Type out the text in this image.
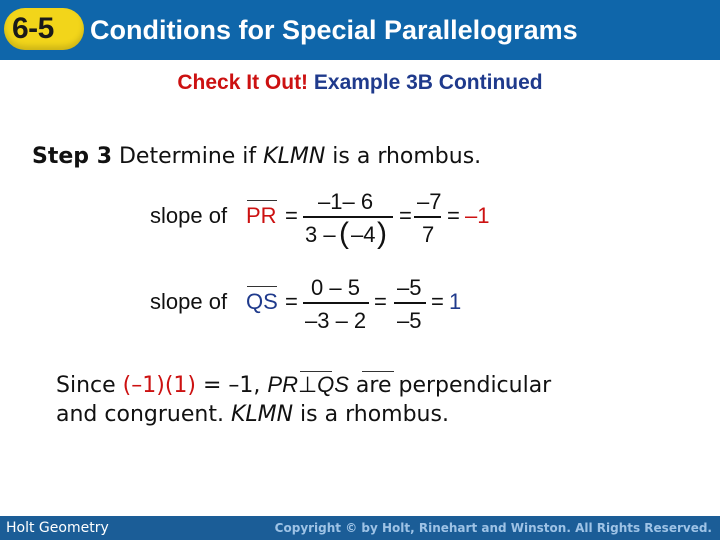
6-5 Conditions for Special Parallelograms
Check It Out! Example 3B Continued
Step 3 Determine if KLMN is a rhombus.
slope of PR =
–1– 6
3 – ( –4 )
=
–7
7
= –1
slope of QS =
0 – 5
–3 – 2
=
–5
–5
= 1
Since (–1)(1) = –1, PR⊥QS are perpendicular
and congruent. KLMN is a rhombus.
Holt Geometry	Copyright © by Holt, Rinehart and Winston. All Rights Reserved.
